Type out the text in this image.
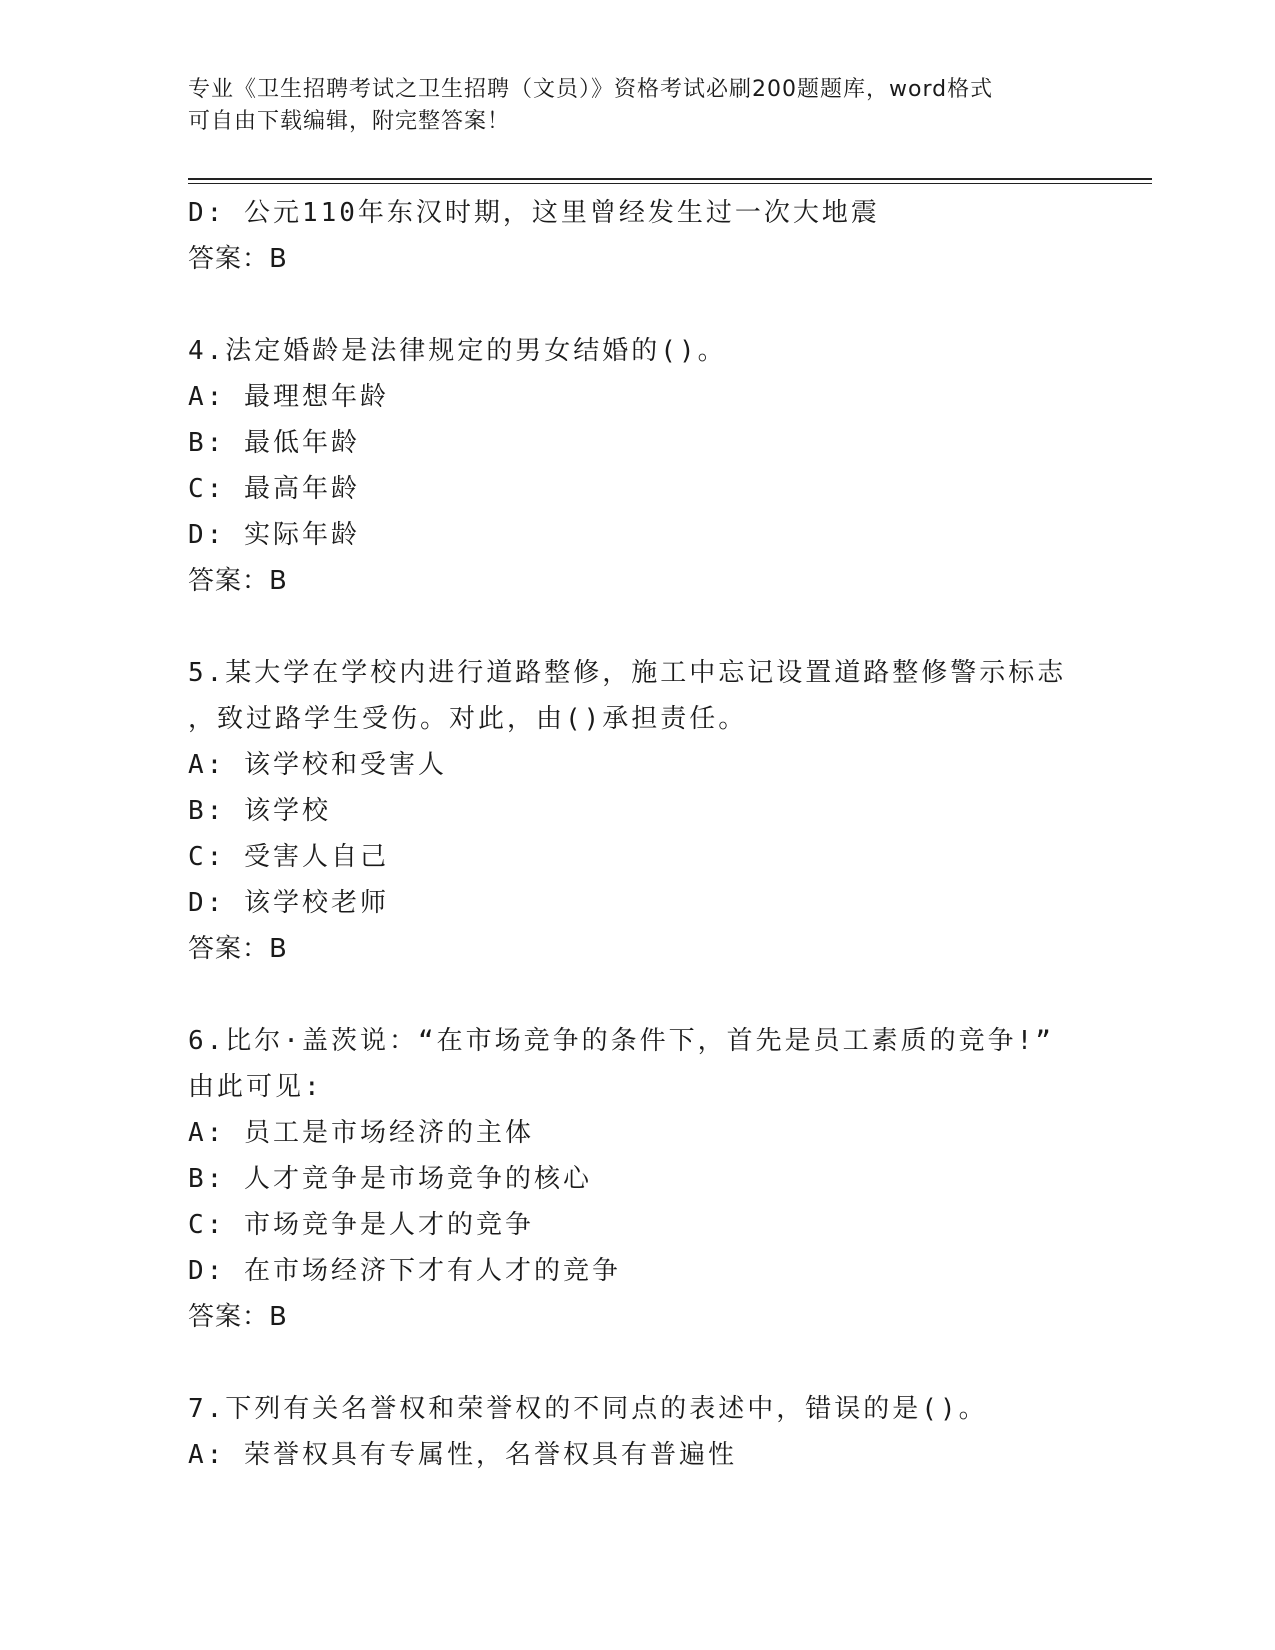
专业《卫生招聘考试之卫生招聘（文员）》资格考试必刷200题题库，word格式
可自由下载编辑，附完整答案！
D: 公元110年东汉时期，这里曾经发生过一次大地震
答案：B
4.法定婚龄是法律规定的男女结婚的()。
A: 最理想年龄
B: 最低年龄
C: 最高年龄
D: 实际年龄
答案：B
5.某大学在学校内进行道路整修，施工中忘记设置道路整修警示标志
，致过路学生受伤。对此，由()承担责任。
A: 该学校和受害人
B: 该学校
C: 受害人自己
D: 该学校老师
答案：B
6.比尔·盖茨说：“在市场竞争的条件下，首先是员工素质的竞争!”
由此可见:
A: 员工是市场经济的主体
B: 人才竞争是市场竞争的核心
C: 市场竞争是人才的竞争
D: 在市场经济下才有人才的竞争
答案：B
7.下列有关名誉权和荣誉权的不同点的表述中，错误的是()。
A: 荣誉权具有专属性，名誉权具有普遍性
